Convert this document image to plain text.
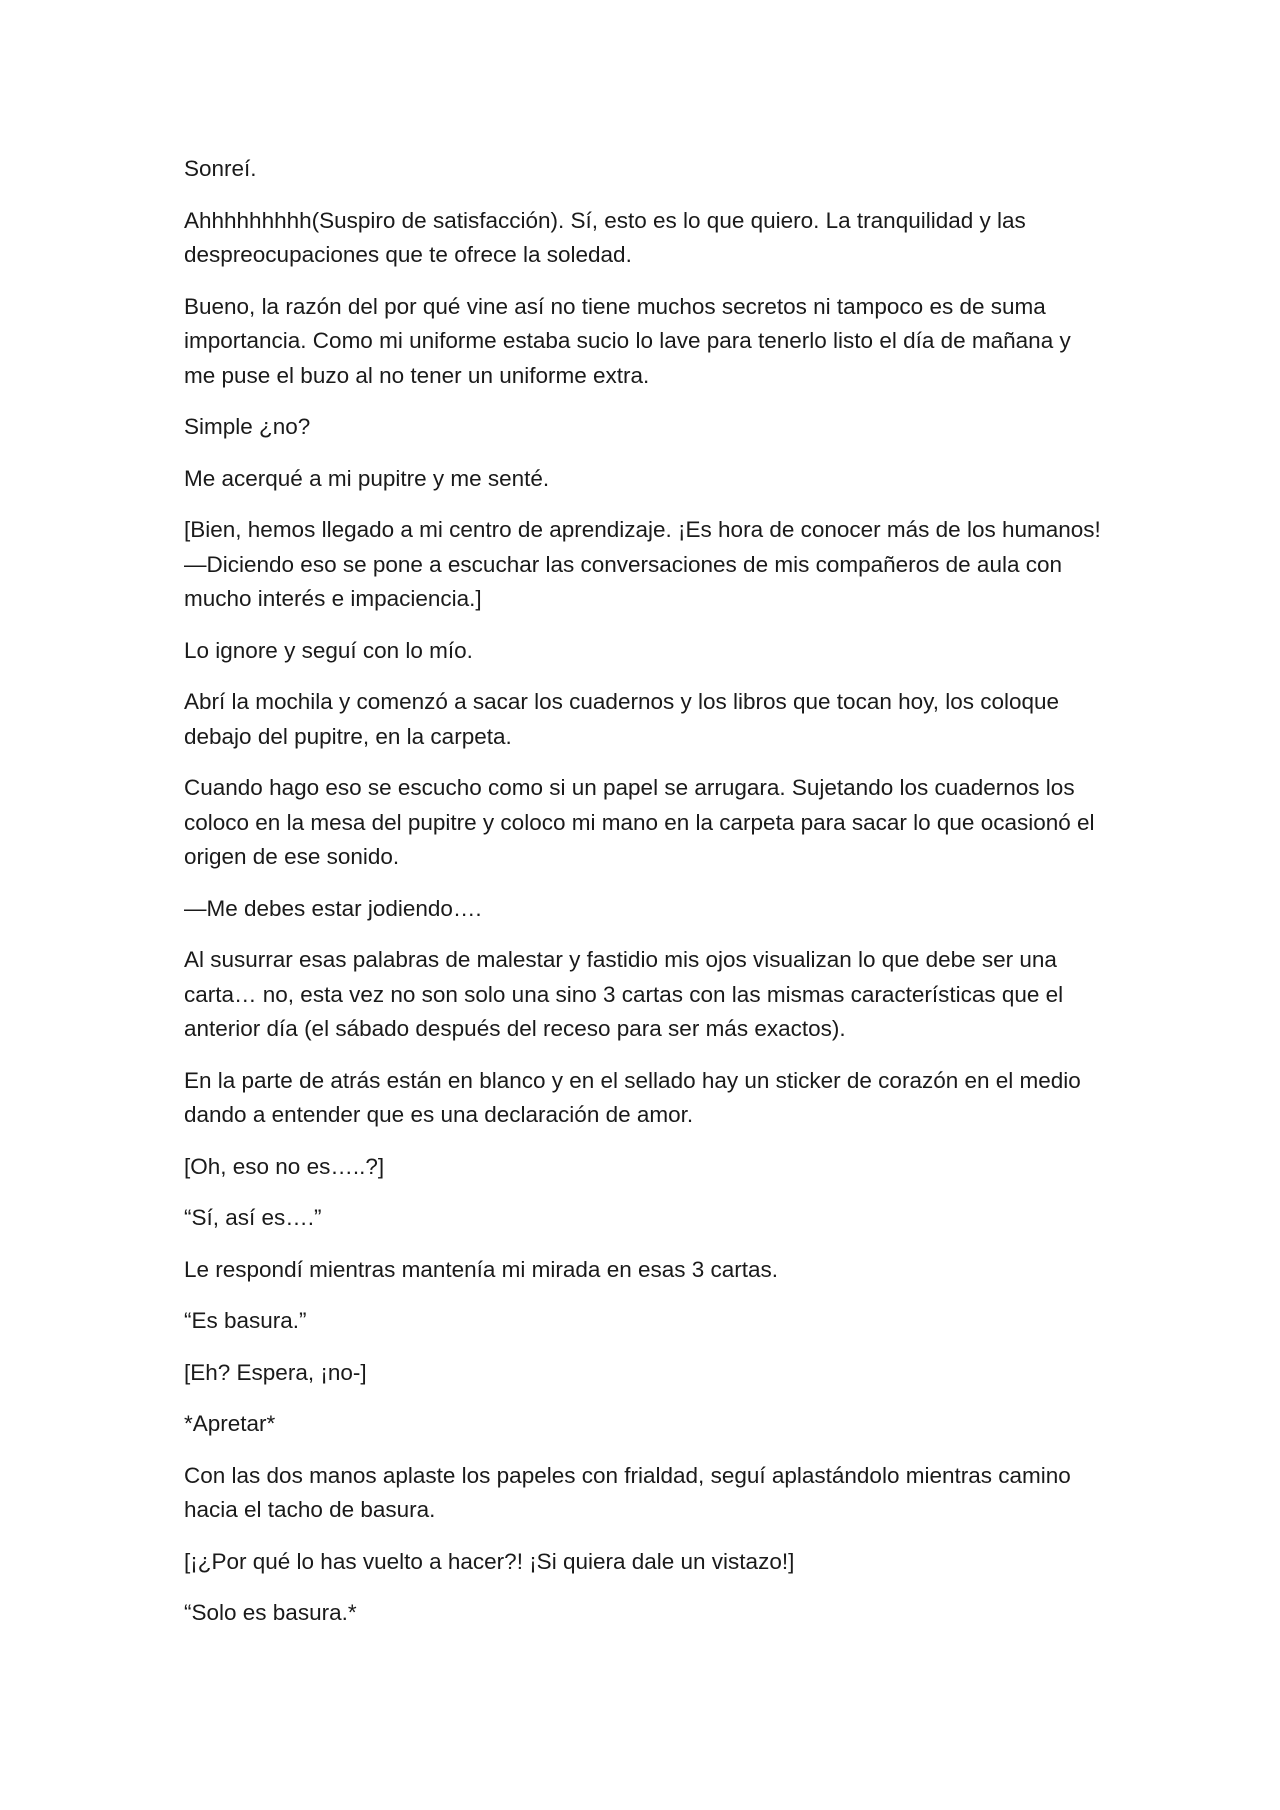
Sonreí.

Ahhhhhhhhh(Suspiro de satisfacción). Sí, esto es lo que quiero. La tranquilidad y las despreocupaciones que te ofrece la soledad.

Bueno, la razón del por qué vine así no tiene muchos secretos ni tampoco es de suma importancia. Como mi uniforme estaba sucio lo lave para tenerlo listo el día de mañana y me puse el buzo al no tener un uniforme extra.

Simple ¿no?

Me acerqué a mi pupitre y me senté.

[Bien, hemos llegado a mi centro de aprendizaje. ¡Es hora de conocer más de los humanos!—Diciendo eso se pone a escuchar las conversaciones de mis compañeros de aula con mucho interés e impaciencia.]

Lo ignore y seguí con lo mío.

Abrí la mochila y comenzó a sacar los cuadernos y los libros que tocan hoy, los coloque debajo del pupitre, en la carpeta.

Cuando hago eso se escucho como si un papel se arrugara. Sujetando los cuadernos los coloco en la mesa del pupitre y coloco mi mano en la carpeta para sacar lo que ocasionó el origen de ese sonido.

—Me debes estar jodiendo….

Al susurrar esas palabras de malestar y fastidio mis ojos visualizan lo que debe ser una carta… no, esta vez no son solo una sino 3 cartas con las mismas características que el anterior día (el sábado después del receso para ser más exactos).

En la parte de atrás están en blanco y en el sellado hay un sticker de corazón en el medio dando a entender que es una declaración de amor.

[Oh, eso no es…..?]

“Sí, así es….”

Le respondí mientras mantenía mi mirada en esas 3 cartas.

“Es basura.”

[Eh? Espera, ¡no-]

*Apretar*

Con las dos manos aplaste los papeles con frialdad, seguí aplastándolo mientras camino hacia el tacho de basura.

[¡¿Por qué lo has vuelto a hacer?! ¡Si quiera dale un vistazo!]

“Solo es basura.*
